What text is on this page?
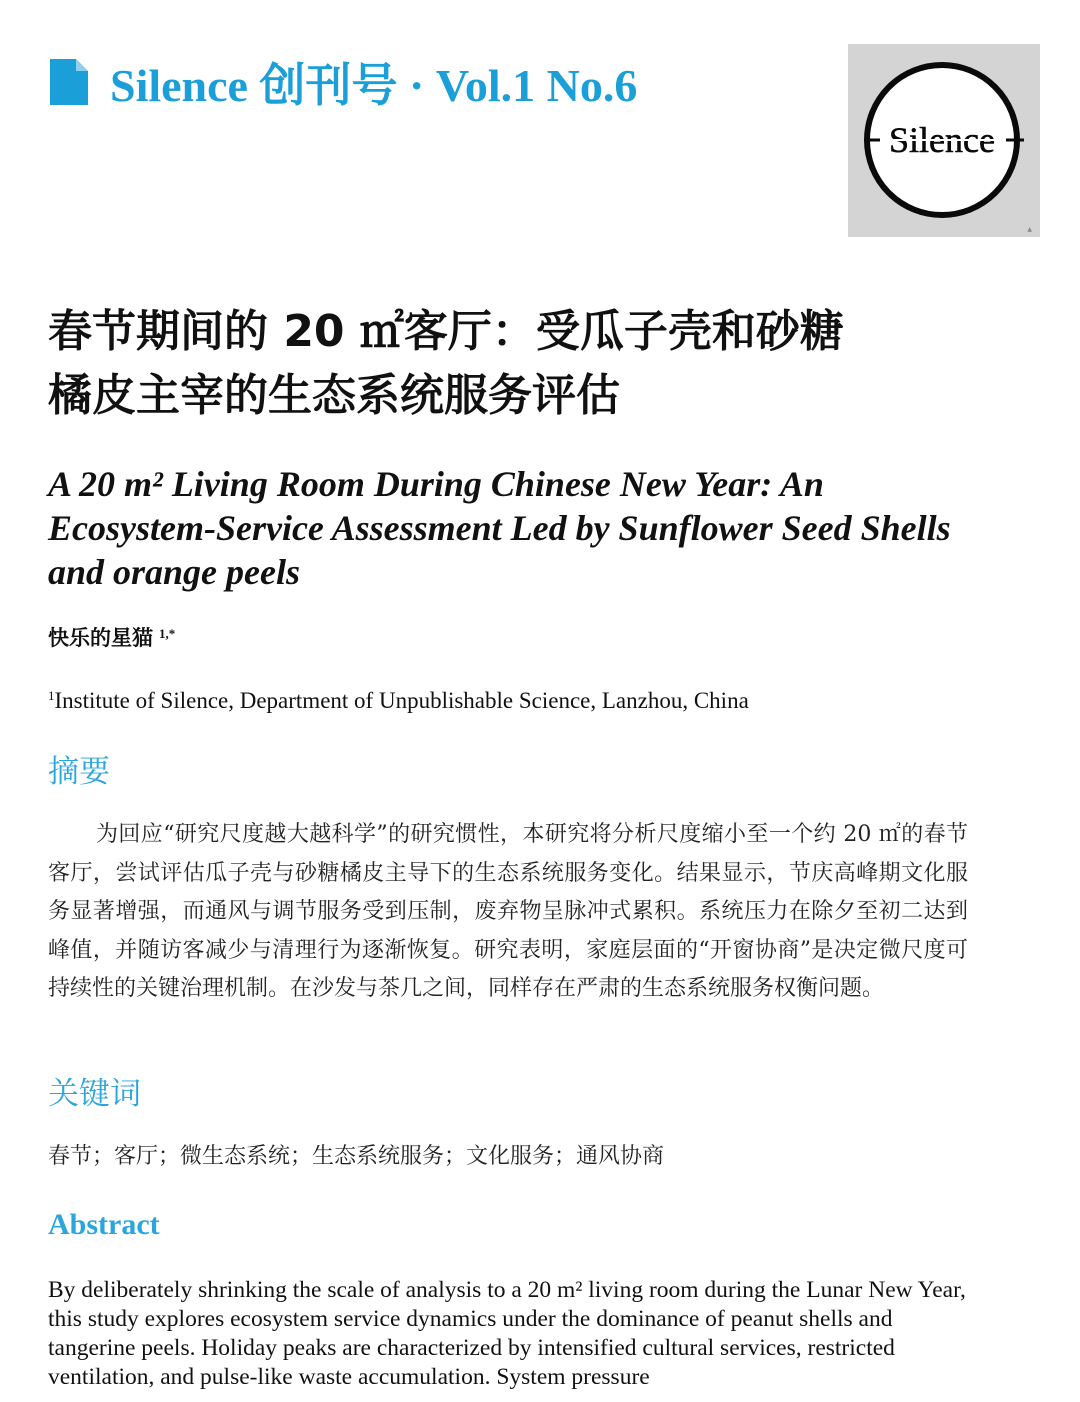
Silence 创刊号 · Vol.1 No.6
Silence
▲
春节期间的 20 ㎡客厅：受瓜子壳和砂糖
橘皮主宰的生态系统服务评估
A 20 m² Living Room During Chinese New Year: An Ecosystem-Service Assessment Led by Sunflower Seed Shells and orange peels
快乐的星猫 $^{1,*}$
$^1$Institute of Silence, Department of Unpublishable Science, Lanzhou, China
摘要

为回应“研究尺度越大越科学”的研究惯性，本研究将分析尺度缩小至一个约 20 ㎡的春节客厅，尝试评估瓜子壳与砂糖橘皮主导下的生态系统服务变化。结果显示，节庆高峰期文化服务显著增强，而通风与调节服务受到压制，废弃物呈脉冲式累积。系统压力在除夕至初二达到峰值，并随访客减少与清理行为逐渐恢复。研究表明，家庭层面的“开窗协商”是决定微尺度可持续性的关键治理机制。在沙发与茶几之间，同样存在严肃的生态系统服务权衡问题。

关键词
春节；客厅；微生态系统；生态系统服务；文化服务；通风协商
Abstract

By deliberately shrinking the scale of analysis to a 20 m² living room during the Lunar New Year, this study explores ecosystem service dynamics under the dominance of peanut shells and tangerine peels. Holiday peaks are characterized by intensified cultural services, restricted ventilation, and pulse-like waste accumulation. System pressure
